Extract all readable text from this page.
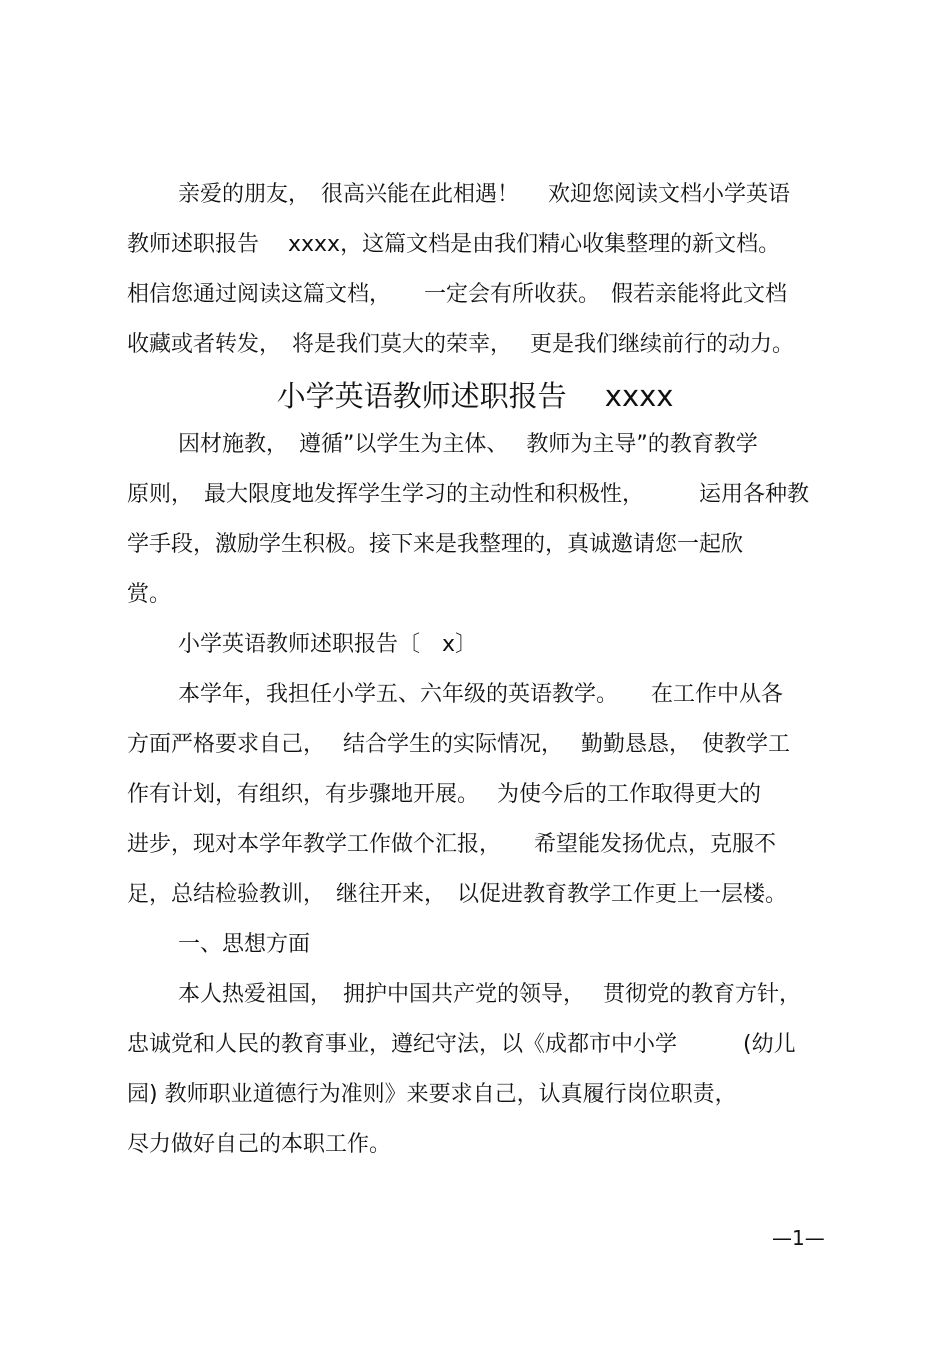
亲爱的朋友，　很高兴能在此相遇！　 欢迎您阅读文档小学英语

教师述职报告　 xxxx，这篇文档是由我们精心收集整理的新文档。

相信您通过阅读这篇文档，　　一定会有所收获。　假若亲能将此文档

收藏或者转发，　将是我们莫大的荣幸，　 更是我们继续前行的动力。

小学英语教师述职报告　 xxxx

因材施教，　遵循”以学生为主体、　 教师为主导”的教育教学

原则，　最大限度地发挥学生学习的主动性和积极性，　　　运用各种教

学手段，激励学生积极。接下来是我整理的，真诚邀请您一起欣

赏。

小学英语教师述职报告〔　x〕

本学年，我担任小学五、六年级的英语教学。　　在工作中从各

方面严格要求自己，　 结合学生的实际情况，　 勤勤恳恳，　使教学工

作有计划，有组织，有步骤地开展。　 为使今后的工作取得更大的

进步，现对本学年教学工作做个汇报，　　希望能发扬优点，克服不

足，总结检验教训，　继往开来，　以促进教育教学工作更上一层楼。

一、思想方面

本人热爱祖国，　拥护中国共产党的领导，　 贯彻党的教育方针，

忠诚党和人民的教育事业，遵纪守法，以《成都市中小学　　　(幼儿

园) 教师职业道德行为准则》来要求自己，认真履行岗位职责，

尽力做好自己的本职工作。

—1—
